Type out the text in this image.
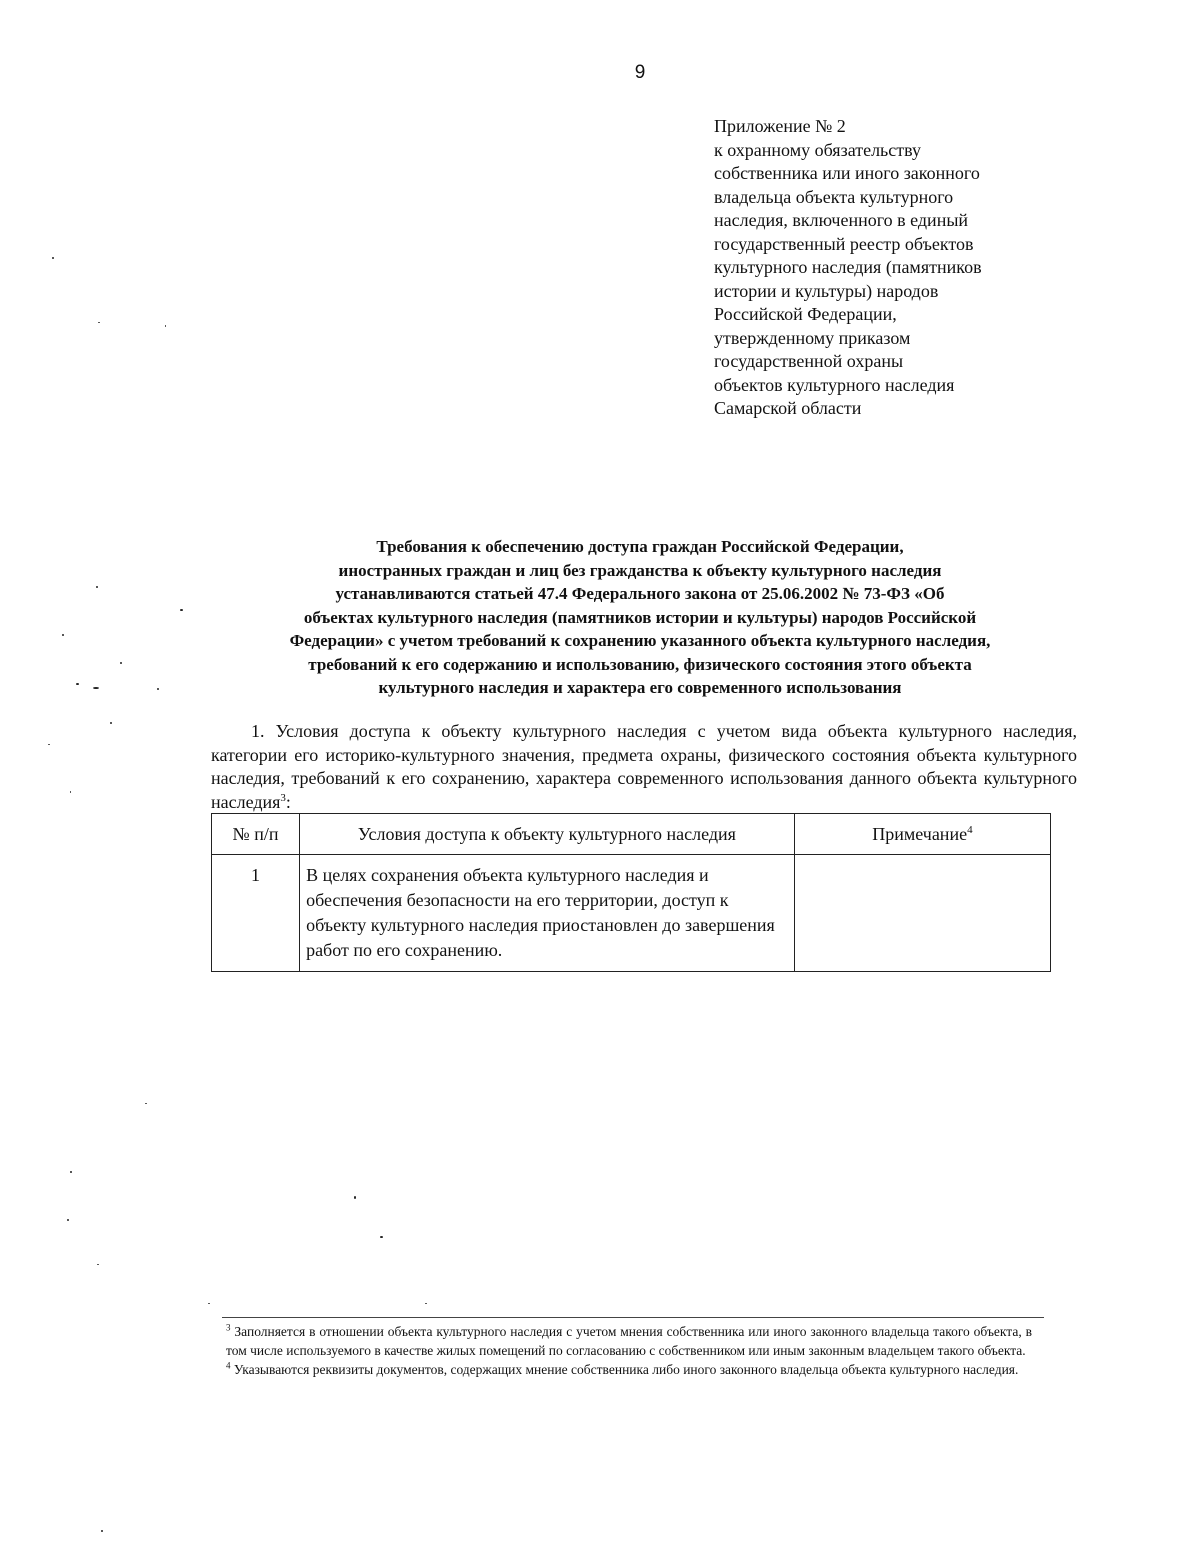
9
Приложение № 2
к охранному обязательству
собственника или иного законного
владельца объекта культурного
наследия, включенного в единый
государственный реестр объектов
культурного наследия (памятников
истории и культуры) народов
Российской Федерации,
утвержденному приказом
государственной охраны
объектов культурного наследия
Самарской области
Требования к обеспечению доступа граждан Российской Федерации,
иностранных граждан и лиц без гражданства к объекту культурного наследия
устанавливаются статьей 47.4 Федерального закона от 25.06.2002 № 73-ФЗ «Об
объектах культурного наследия (памятников истории и культуры) народов Российской
Федерации» с учетом требований к сохранению указанного объекта культурного наследия,
требований к его содержанию и использованию, физического состояния этого объекта
культурного наследия и характера его современного использования
1. Условия доступа к объекту культурного наследия с учетом вида объекта культурного наследия, категории его историко-культурного значения, предмета охраны, физического состояния объекта культурного наследия, требований к его сохранению, характера современного использования данного объекта культурного наследия$^3$:
№ п/п	Условия доступа к объекту культурного наследия	Примечание$^4$
1	В целях сохранения объекта культурного наследия и обеспечения безопасности на его территории, доступ к объекту культурного наследия приостановлен до завершения работ по его сохранению.	

$^3$ Заполняется в отношении объекта культурного наследия с учетом мнения собственника или иного законного владельца такого объекта, в том числе используемого в качестве жилых помещений по согласованию с собственником или иным законным владельцем такого объекта.

$^4$ Указываются реквизиты документов, содержащих мнение собственника либо иного законного владельца объекта культурного наследия.
